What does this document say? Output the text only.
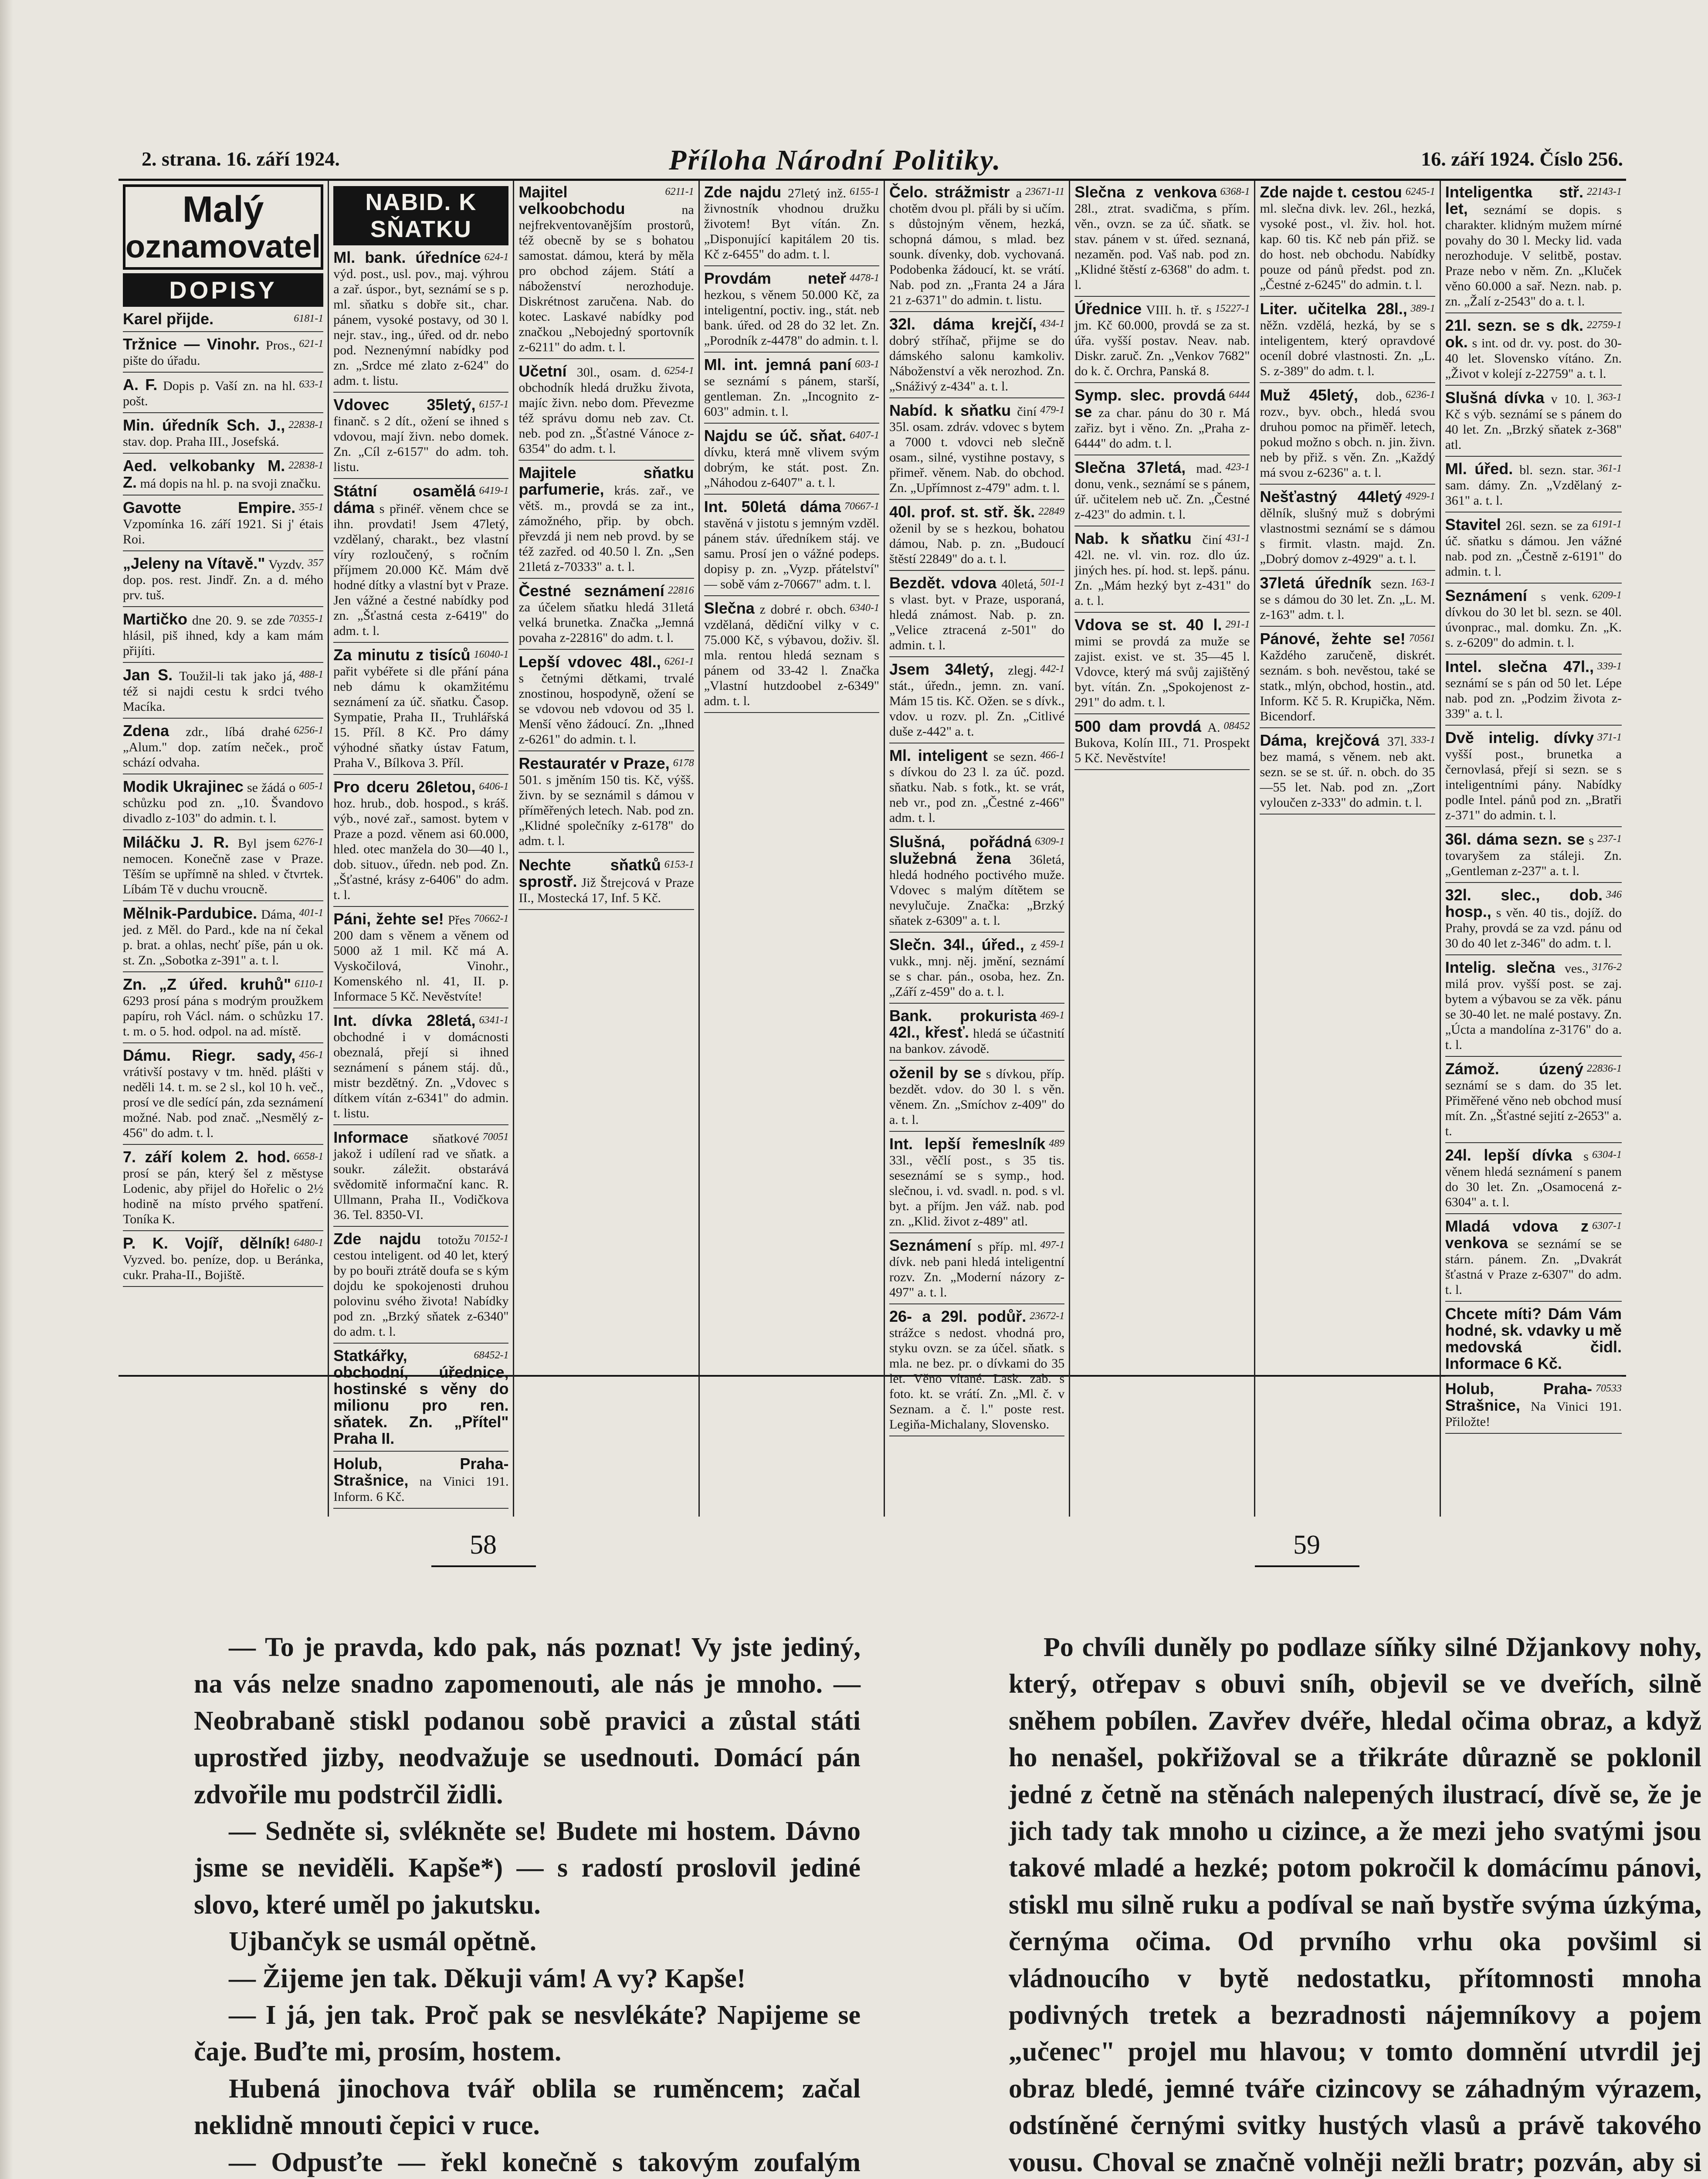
2. strana. 16. září 1924.	Příloha Národní Politiky.	16. září 1924. Číslo 256.
Malý
oznamovatel
DOPISY
6181-1
Karel přijde.
621-1
Tržnice — Vinohr. Pros., pište do úřadu.
633-1
A. F. Dopis p. Vaší zn. na hl. pošt.
22838-1
Min. úředník Sch. J., stav. dop. Praha III., Josefská.
22838-1
Aed. velkobanky M. Z. má dopis na hl. p. na svoji značku.
355-1
Gavotte Empire. Vzpomínka 16. září 1921. Si j' étais Roi.
357
„Jeleny na Vítavě." Vyzdv. dop. pos. rest. Jindř. Zn. a d. mého prv. tuš.
70355-1
Martičko dne 20. 9. se zde hlásil, piš ihned, kdy a kam mám přijíti.
488-1
Jan S. Toužil-li tak jako já, též si najdi cestu k srdci tvého Macíka.
6256-1
Zdena zdr., líbá drahé „Alum." dop. zatím neček., proč schází odvaha.
605-1
Modik Ukrajinec se žádá o schůzku pod zn. „10. Švandovo divadlo z-103" do admin. t. l.
6276-1
Miláčku J. R. Byl jsem nemocen. Konečně zase v Praze. Těším se upřímně na shled. v čtvrtek. Líbám Tě v duchu vroucně.
401-1
Mělnik-Pardubice. Dáma, jed. z Měl. do Pard., kde na ní čekal p. brat. a ohlas, nechť píše, pán u ok. st. Zn. „Sobotka z-391" a. t. l.
6110-1
Zn. „Z úřed. kruhů" 6293 prosí pána s modrým proužkem papíru, roh Václ. nám. o schůzku 17. t. m. o 5. hod. odpol. na ad. místě.
456-1
Dámu. Riegr. sady, vrátivší postavy v tm. hněd. plášti v neděli 14. t. m. se 2 sl., kol 10 h. več., prosí ve dle sedící pán, zda seznámení možné. Nab. pod znač. „Nesmělý z-456" do adm. t. l.
6658-1
7. září kolem 2. hod. prosí se pán, který šel z městyse Lodenic, aby přijel do Hořelic o 2½ hodině na místo prvého spatření. Toníka K.
6480-1
P. K. Vojíř, dělník! Vyzved. bo. peníze, dop. u Beránka, cukr. Praha-II., Bojiště.
NABID. K SŇATKU
624-1
Ml. bank. úředníce výd. post., usl. pov., maj. výhrou a zař. úspor., byt, seznámí se s p. ml. sňatku s dobře sit., char. pánem, vysoké postavy, od 30 l. nejr. stav., ing., úřed. od dr. nebo pod. Neznenýmní nabídky pod zn. „Srdce mé zlato z-624" do adm. t. listu.
6157-1
Vdovec 35letý, finanč. s 2 dít., ožení se ihned s vdovou, mají živn. nebo domek. Zn. „Cíl z-6157" do adm. toh. listu.
6419-1
Státní osamělá dáma s přinéř. věnem chce se ihn. provdati! Jsem 47letý, vzdělaný, charakt., bez vlastní víry rozloučený, s ročním příjmem 20.000 Kč. Mám dvě hodné dítky a vlastní byt v Praze. Jen vážné a čestné nabídky pod zn. „Šťastná cesta z-6419" do adm. t. l.
16040-1
Za minutu z tisíců pařit vybéřete si dle přání pána neb dámu k okamžitému seznámení za úč. sňatku. Časop. Sympatie, Praha II., Truhlářská 15. Příl. 8 Kč. Pro dámy výhodné sňatky ústav Fatum, Praha V., Bílkova 3. Příl.
6406-1
Pro dceru 26letou, hoz. hrub., dob. hospod., s kráš. výb., nové zař., samost. bytem v Praze a pozd. věnem asi 60.000, hled. otec manžela do 30—40 l., dob. situov., úředn. neb pod. Zn. „Šťastné, krásy z-6406" do adm. t. l.
70662-1
Páni, žehte se! Přes 200 dam s věnem a věnem od 5000 až 1 mil. Kč má A. Vyskočilová, Vinohr., Komenského nl. 41, II. p. Informace 5 Kč. Nevěstvíte!
6341-1
Int. dívka 28letá, obchodné i v domácnosti obeznalá, přejí si ihned seznámení s pánem stáj. dů., mistr bezdětný. Zn. „Vdovec s dítkem vítán z-6341" do admin. t. listu.
70051
Informace sňatkové jakož i udílení rad ve sňatk. a soukr. záležit. obstarává svědomitě informační kanc. R. Ullmann, Praha II., Vodičkova 36. Tel. 8350-VI.
70152-1
Zde najdu totožu cestou inteligent. od 40 let, který by po bouři ztrátě doufa se s kým dojdu ke spokojenosti druhou polovinu svého života! Nabídky pod zn. „Brzký sňatek z-6340" do adm. t. l.
68452-1
Statkářky, obchodní, úřednice, hostinské s věny do milionu pro ren. sňatek. Zn. „Přítel" Praha II.
Holub, Praha-Strašnice, na Vinici 191. Inform. 6 Kč.
6211-1
Majitel velkoobchodu	na nejfrekventovanějším prostorů, též obecně by se s bohatou samostat. dámou, která by měla pro obchod zájem. Státí a náboženství nerozhoduje. Diskrétnost zaručena. Nab. do kotec. Laskavé nabídky pod značkou „Nebojedný sportovník z-6211" do adm. t. l.
6254-1
Učetní 30l., osam. d. obchodník hledá družku života, majíc živn. nebo dom. Převezme též správu domu neb zav. Ct. neb. pod zn. „Šťastné Vánoce z-6354" do adm. t. l.
Majitele sňatku parfumerie, krás. zař., ve větš. m., provdá se za int., zámožného, přip. by obch. převzdá ji nem neb provd. by se též zazřed. od 40.50 l. Zn. „Sen 21letá z-70333" a. t. l.
22816
Čestné seznámení za účelem sňatku hledá 31letá velká brunetka. Značka „Jemná povaha z-22816" do adm. t. l.
6261-1
Lepší vdovec 48l., s četnými dětkami, trvalé znostinou, hospodyně, ožení se se vdovou neb vdovou od 35 l. Menší věno žádoucí. Zn. „Ihned z-6261" do admin. t. l.
6178
Restauratér v Praze, 501. s jměním 150 tis. Kč, výšš. živn. by se seznámil s dámou v příměřených letech. Nab. pod zn. „Klidné společníky z-6178" do adm. t. l.
6153-1
Nechte sňatků sprostř. Již Štrejcová v Praze II., Mostecká 17, Inf. 5 Kč.
6155-1
Zde najdu 27letý inž. živnostník vhodnou družku životem! Byt vítán. Zn. „Disponující kapitálem 20 tis. Kč z-6455" do adm. t. l.
4478-1
Provdám neteř hezkou, s věnem 50.000 Kč, za inteligentní, poctiv. ing., stát. neb bank. úřed. od 28 do 32 let. Zn. „Porodník z-4478" do admin. t. l.
603-1
Ml. int. jemná paní se seznámí s pánem, starší, gentleman. Zn. „Incognito z-603" admin. t. l.
6407-1
Najdu se úč. sňat. dívku, která mně vlivem svým dobrým, ke stát. post. Zn. „Náhodou z-6407" a. t. l.
70667-1
Int. 50letá dáma stavěná v jistotu s jemným vzděl. pánem stáv. úředníkem stáj. ve samu. Prosí jen o vážné podeps. dopisy p. zn. „Vyzp. přátelství" — sobě vám z-70667" adm. t. l.
6340-1
Slečna z dobré r. obch. vzdělaná, dědiční vilky v c. 75.000 Kč, s výbavou, doživ. šl. mla. rentou hledá seznam s pánem od 33-42 l. Značka „Vlastní hutzdoobel z-6349" adm. t. l.
23671-11
Čelo. strážmistr a chotěm dvou pl. přáli by si učím. s důstojným věnem, hezká, schopná dámou, s mlad. bez sounk. dívenky, dob. vychovaná. Podobenka žádoucí, kt. se vrátí. Nab. pod zn. „Franta 24 a Jára 21 z-6371" do admin. t. listu.
434-1
32l. dáma krejčí, dobrý stříhač, přijme se do dámského salonu kamkoliv. Náboženství a věk nerozhod. Zn. „Snáživý z-434" a. t. l.
479-1
Nabíd. k sňatku činí 35l. osam. zdráv. vdovec s bytem a 7000 t. vdovci neb slečně osam., silné, vystihne postavy, s přimeř. věnem. Nab. do obchod. Zn. „Upřímnost z-479" adm. t. l.
22849
40l. prof. st. stř. šk. oženil by se s hezkou, bohatou dámou, Nab. p. zn. „Budoucí štěstí 22849" do a. t. l.
501-1
Bezdět. vdova 40letá, s vlast. byt. v Praze, usporaná, hledá známost. Nab. p. zn. „Velice ztracená z-501" do admin. t. l.
442-1
Jsem 34letý, zlegj. stát., úředn., jemn. zn. vaní. Mám 15 tis. Kč. Ožen. se s dívk., vdov. u rozv. pl. Zn. „Citlivé duše z-442" a. t.
466-1
Ml. inteligent se sezn. s dívkou do 23 l. za úč. pozd. sňatku. Nab. s fotk., kt. se vrát, neb vr., pod zn. „Čestné z-466" adm. t. l.
6309-1
Slušná, pořádná služebná žena 36letá, hledá hodného poctivého muže. Vdovec s malým dítětem se nevylučuje. Značka: „Brzký sňatek z-6309" a. t. l.
459-1
Slečn. 34l., úřed., z vukk., mnj. něj. jmění, seznámí se s char. pán., osoba, hez. Zn. „Září z-459" do a. t. l.
469-1
Bank. prokurista 42l., křesť. hledá se účastnití na bankov. závodě.
oženil by se s dívkou, příp. bezdět. vdov. do 30 l. s věn. věnem. Zn. „Smíchov z-409" do a. t. l.
489
Int. lepší řemeslník 33l., věčlí post., s 35 tis. seseznámí se s symp., hod. slečnou, i. vd. svadl. n. pod. s vl. byt. a příjm. Jen váž. nab. pod zn. „Klid. život z-489" atl.
497-1
Seznámení s příp. ml. dívk. neb pani hledá inteligentní rozv. Zn. „Moderní názory z-497" a. t. l.
23672-1
26- a 29l. podůř. strážce s nedost. vhodná pro, styku ovzn. se za účel. sňatk. s mla. ne bez. pr. o dívkami do 35 let. Věno vítané. Lask. zab. s foto. kt. se vrátí. Zn. „Ml. č. v Seznam. a č. l." poste rest. Legiňa-Michalany, Slovensko.
6368-1
Slečna z venkova 28l., ztrat. svadičma, s přím. věn., ovzn. se za úč. sňatk. se stav. pánem v st. úřed. seznaná, nezaměn. pod. Vaš nab. pod zn. „Klidné štěstí z-6368" do adm. t. l.
15227-1
Úřednice VIII. h. tř. s jm. Kč 60.000, provdá se za st. úřa. vyšší postav. Neav. nab. Diskr. zaruč. Zn. „Venkov 7682" do k. č. Orchra, Panská 8.
6444
Symp. slec. provdá se za char. pánu do 30 r. Má zařiz. byt i věno. Zn. „Praha z-6444" do adm. t. l.
423-1
Slečna 37letá, mad. donu, venk., seznámí se s pánem, úř. učitelem neb uč. Zn. „Čestné z-423" do admin. t. l.
431-1
Nab. k sňatku činí 42l. ne. vl. vin. roz. dlo úz. jiných hes. pí. hod. st. lepš. pánu. Zn. „Mám hezký byt z-431" do a. t. l.
291-1
Vdova se st. 40 l. mimi se provdá za muže se zajist. exist. ve st. 35—45 l. Vdovce, který má svůj zajištěný byt. vítán. Zn. „Spokojenost z-291" do adm. t. l.
08452
500 dam provdá A. Bukova, Kolín III., 71. Prospekt 5 Kč. Nevěstvíte!
6245-1
Zde najde t. cestou ml. slečna divk. lev. 26l., hezká, vysoké post., vl. živ. hol. hot. kap. 60 tis. Kč neb pán přiž. se do host. neb obchodu. Nabídky pouze od pánů předst. pod zn. „Čestné z-6245" do admin. t. l.
389-1
Liter. učitelka 28l., něžn. vzdělá, hezká, by se s inteligentem, který opravdové oceníl dobré vlastnosti. Zn. „L. S. z-389" do adm. t. l.
6236-1
Muž 45letý, dob., rozv., byv. obch., hledá svou druhou pomoc na přiměř. letech, pokud možno s obch. n. jin. živn. neb by přiž. s věn. Zn. „Každý má svou z-6236" a. t. l.
4929-1
Nešťastný 44letý dělník, slušný muž s dobrými vlastnostmi seznámí se s dámou s firmit. vlastn. majd. Zn. „Dobrý domov z-4929" a. t. l.
163-1
37letá úředník sezn. se s dámou do 30 let. Zn. „L. M. z-163" adm. t. l.
70561
Pánové, žehte se! Každého zaručeně, diskrét. seznám. s boh. nevěstou, také se statk., mlýn, obchod, hostin., atd. Inform. Kč 5. R. Krupička, Něm. Bicendorf.
333-1
Dáma, krejčová 37l. bez mamá, s věnem. neb akt. sezn. se se st. úř. n. obch. do 35—55 let. Nab. pod zn. „Zort vyloučen z-333" do admin. t. l.
22143-1
Inteligentka stř. let, seznámí se dopis. s charakter. klidným mužem mírné povahy do 30 l. Mecky lid. vada nerozhoduje. V selitbě, postav. Praze nebo v něm. Zn. „Kluček věno 60.000 a sař. Nezn. nab. p. zn. „Žalí z-2543" do a. t. l.
22759-1
21l. sezn. se s dk. ok. s int. od dr. vy. post. do 30-40 let. Slovensko vítáno. Zn. „Život v kolejí z-22759" a. t. l.
363-1
Slušná dívka v 10. l. Kč s výb. seznámí se s pánem do 40 let. Zn. „Brzký sňatek z-368" atl.
361-1
Ml. úřed. bl. sezn. star. sam. dámy. Zn. „Vzdělaný z-361" a. t. l.
6191-1
Stavitel 26l. sezn. se za úč. sňatku s dámou. Jen vážné nab. pod zn. „Čestně z-6191" do admin. t. l.
6209-1
Seznámení s venk. dívkou do 30 let bl. sezn. se 40l. úvonprac., mal. domku. Zn. „K. s. z-6209" do admin. t. l.
339-1
Intel. slečna 47l., seznámí se s pán od 50 let. Lépe nab. pod zn. „Podzim života z-339" a. t. l.
371-1
Dvě intelig. dívky vyšší post., brunetka a černovlasá, přejí si sezn. se s inteligentními pány. Nabídky podle Intel. pánů pod zn. „Bratři z-371" do admin. t. l.
237-1
36l. dáma sezn. se s tovaryšem za stáleji. Zn. „Gentleman z-237" a. t. l.
346
32l. slec., dob. hosp., s věn. 40 tis., dojíž. do Prahy, provdá se za vzd. pánu od 30 do 40 let z-346" do adm. t. l.
3176-2
Intelig. slečna ves., milá prov. vyšší post. se zaj. bytem a výbavou se za věk. pánu se 30-40 let. ne malé postavy. Zn. „Úcta a mandolína z-3176" do a. t. l.
22836-1
Zámož. úzený seznámí se s dam. do 35 let. Přiměřené věno neb obchod musí mít. Zn. „Šťastné sejití z-2653" a. t.
6304-1
24l. lepší dívka s věnem hledá seznámení s panem do 30 let. Zn. „Osamocená z-6304" a. t. l.
6307-1
Mladá vdova z venkova se seznámí se se stárn. pánem. Zn. „Dvakrát šťastná v Praze z-6307" do adm. t. l.
Chcete míti? Dám Vám hodné, sk. vdavky u mě medovská čidl. Informace 6 Kč.
70533
Holub, Praha-Strašnice, Na Vinici 191. Přiložte!
58	59

— To je pravda, kdo pak, nás poznat! Vy jste jediný, na vás nelze snadno zapomenouti, ale nás je mnoho. — Neobrabaně stiskl podanou sobě pravici a zůstal státi uprostřed jizby, neodvažuje se usednouti. Domácí pán zdvořile mu podstrčil židli.

— Sedněte si, svlékněte se! Budete mi hostem. Dávno jsme se neviděli. Kapše*) — s radostí proslovil jediné slovo, které uměl po jakutsku.

Ujbančyk se usmál opětně.

— Žijeme jen tak. Děkuji vám! A vy? Kapše!

— I já, jen tak. Proč pak se nesvlékáte? Napijeme se čaje. Buďte mi, prosím, hostem.

Hubená jinochova tvář oblila se ruměncem; začal neklidně mnouti čepici v ruce.

— Odpusťte — řekl konečně s takovým zoufalým

Po chvíli duněly po podlaze síňky silné Džjankovy nohy, který, otřepav s obuvi sníh, objevil se ve dveřích, silně sněhem pobílen. Zavřev dvéře, hledal očima obraz, a když ho nenašel, pokřižoval se a třikráte důrazně se poklonil jedné z četně na stěnách nalepených ilustrací, dívě se, že je jich tady tak mnoho u cizince, a že mezi jeho svatými jsou takové mladé a hezké; potom pokročil k domácímu pánovi, stiskl mu silně ruku a podíval se naň bystře svýma úzkýma, černýma očima. Od prvního vrhu oka povšiml si vládnoucího v bytě nedostatku, přítomnosti mnoha podivných tretek a bezradnosti nájemníkovy a pojem „učenec" projel mu hlavou; v tomto domnění utvrdil jej obraz bledé, jemné tváře cizincovy se záhadným výrazem, odstíněné černými svitky hustých vlasů a právě takového vousu. Choval se značně volněji nežli bratr; pozván, aby si
